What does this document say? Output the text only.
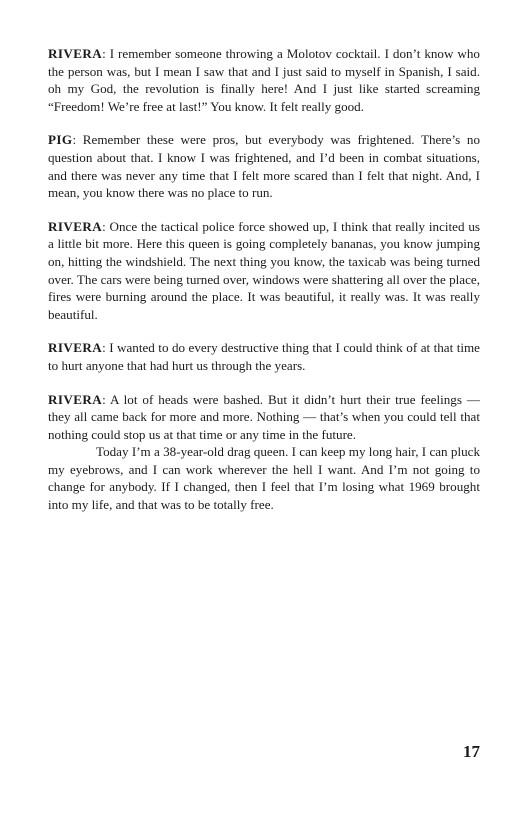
RIVERA: I remember someone throwing a Molotov cocktail. I don’t know who the person was, but I mean I saw that and I just said to myself in Spanish, I said. oh my God, the revolution is finally here! And I just like started screaming “Freedom! We’re free at last!” You know. It felt really good.

PIG: Remember these were pros, but everybody was frightened. There’s no question about that. I know I was frightened, and I’d been in combat situations, and there was never any time that I felt more scared than I felt that night. And, I mean, you know there was no place to run.

RIVERA: Once the tactical police force showed up, I think that really incited us a little bit more. Here this queen is going completely bananas, you know jumping on, hitting the windshield. The next thing you know, the taxicab was being turned over. The cars were being turned over, windows were shattering all over the place, fires were burning around the place. It was beautiful, it really was. It was really beautiful.

RIVERA: I wanted to do every destructive thing that I could think of at that time to hurt anyone that had hurt us through the years.

RIVERA: A lot of heads were bashed. But it didn’t hurt their true feelings — they all came back for more and more. Nothing — that’s when you could tell that nothing could stop us at that time or any time in the future.

Today I’m a 38-year-old drag queen. I can keep my long hair, I can pluck my eyebrows, and I can work wherever the hell I want. And I’m not going to change for anybody. If I changed, then I feel that I’m losing what 1969 brought into my life, and that was to be totally free.

17
